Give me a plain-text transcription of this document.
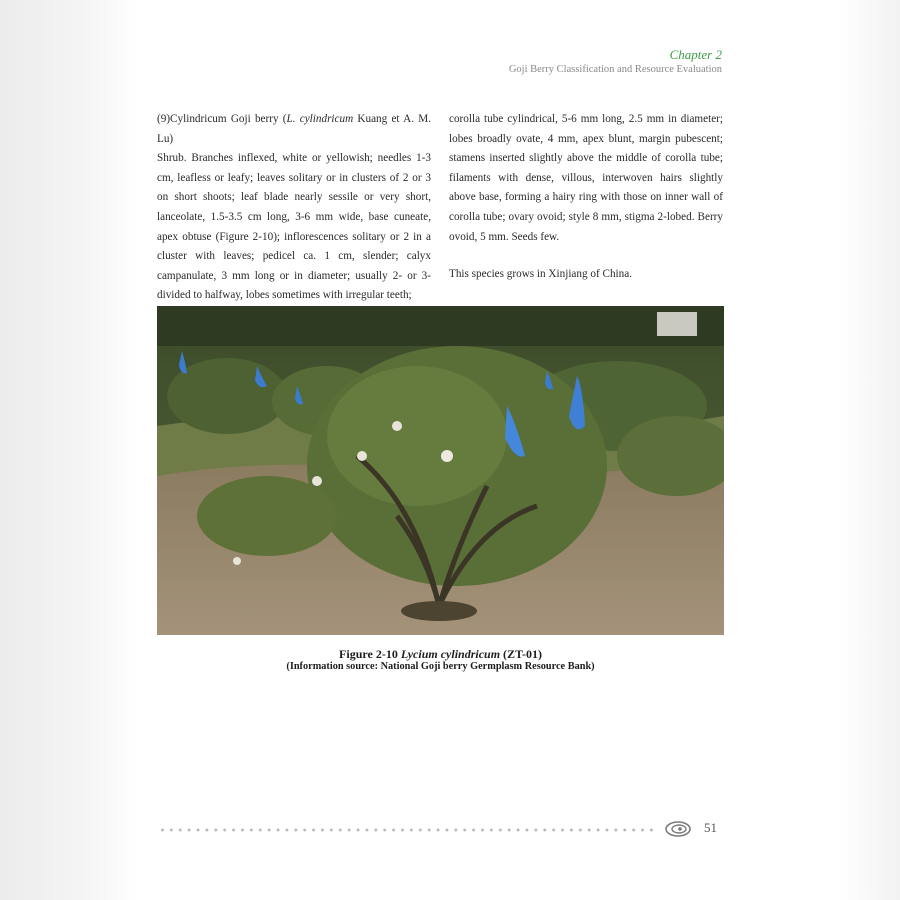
Chapter 2
Goji Berry Classification and Resource Evaluation

(9)Cylindricum Goji berry (L. cylindricum Kuang et A. M. Lu)

Shrub. Branches inflexed, white or yellowish; needles 1-3 cm, leafless or leafy; leaves solitary or in clusters of 2 or 3 on short shoots; leaf blade nearly sessile or very short, lanceolate, 1.5-3.5 cm long, 3-6 mm wide, base cuneate, apex obtuse (Figure 2-10); inflorescences solitary or 2 in a cluster with leaves; pedicel ca. 1 cm, slender; calyx campanulate, 3 mm long or in diameter; usually 2- or 3-divided to halfway, lobes sometimes with irregular teeth;

corolla tube cylindrical, 5-6 mm long, 2.5 mm in diameter; lobes broadly ovate, 4 mm, apex blunt, margin pubescent; stamens inserted slightly above the middle of corolla tube; filaments with dense, villous, interwoven hairs slightly above base, forming a hairy ring with those on inner wall of corolla tube; ovary ovoid; style 8 mm, stigma 2-lobed. Berry ovoid, 5 mm. Seeds few.

This species grows in Xinjiang of China.

Figure 2-10 Lycium cylindricum (ZT-01)
(Information source: National Goji berry Germplasm Resource Bank)
51
